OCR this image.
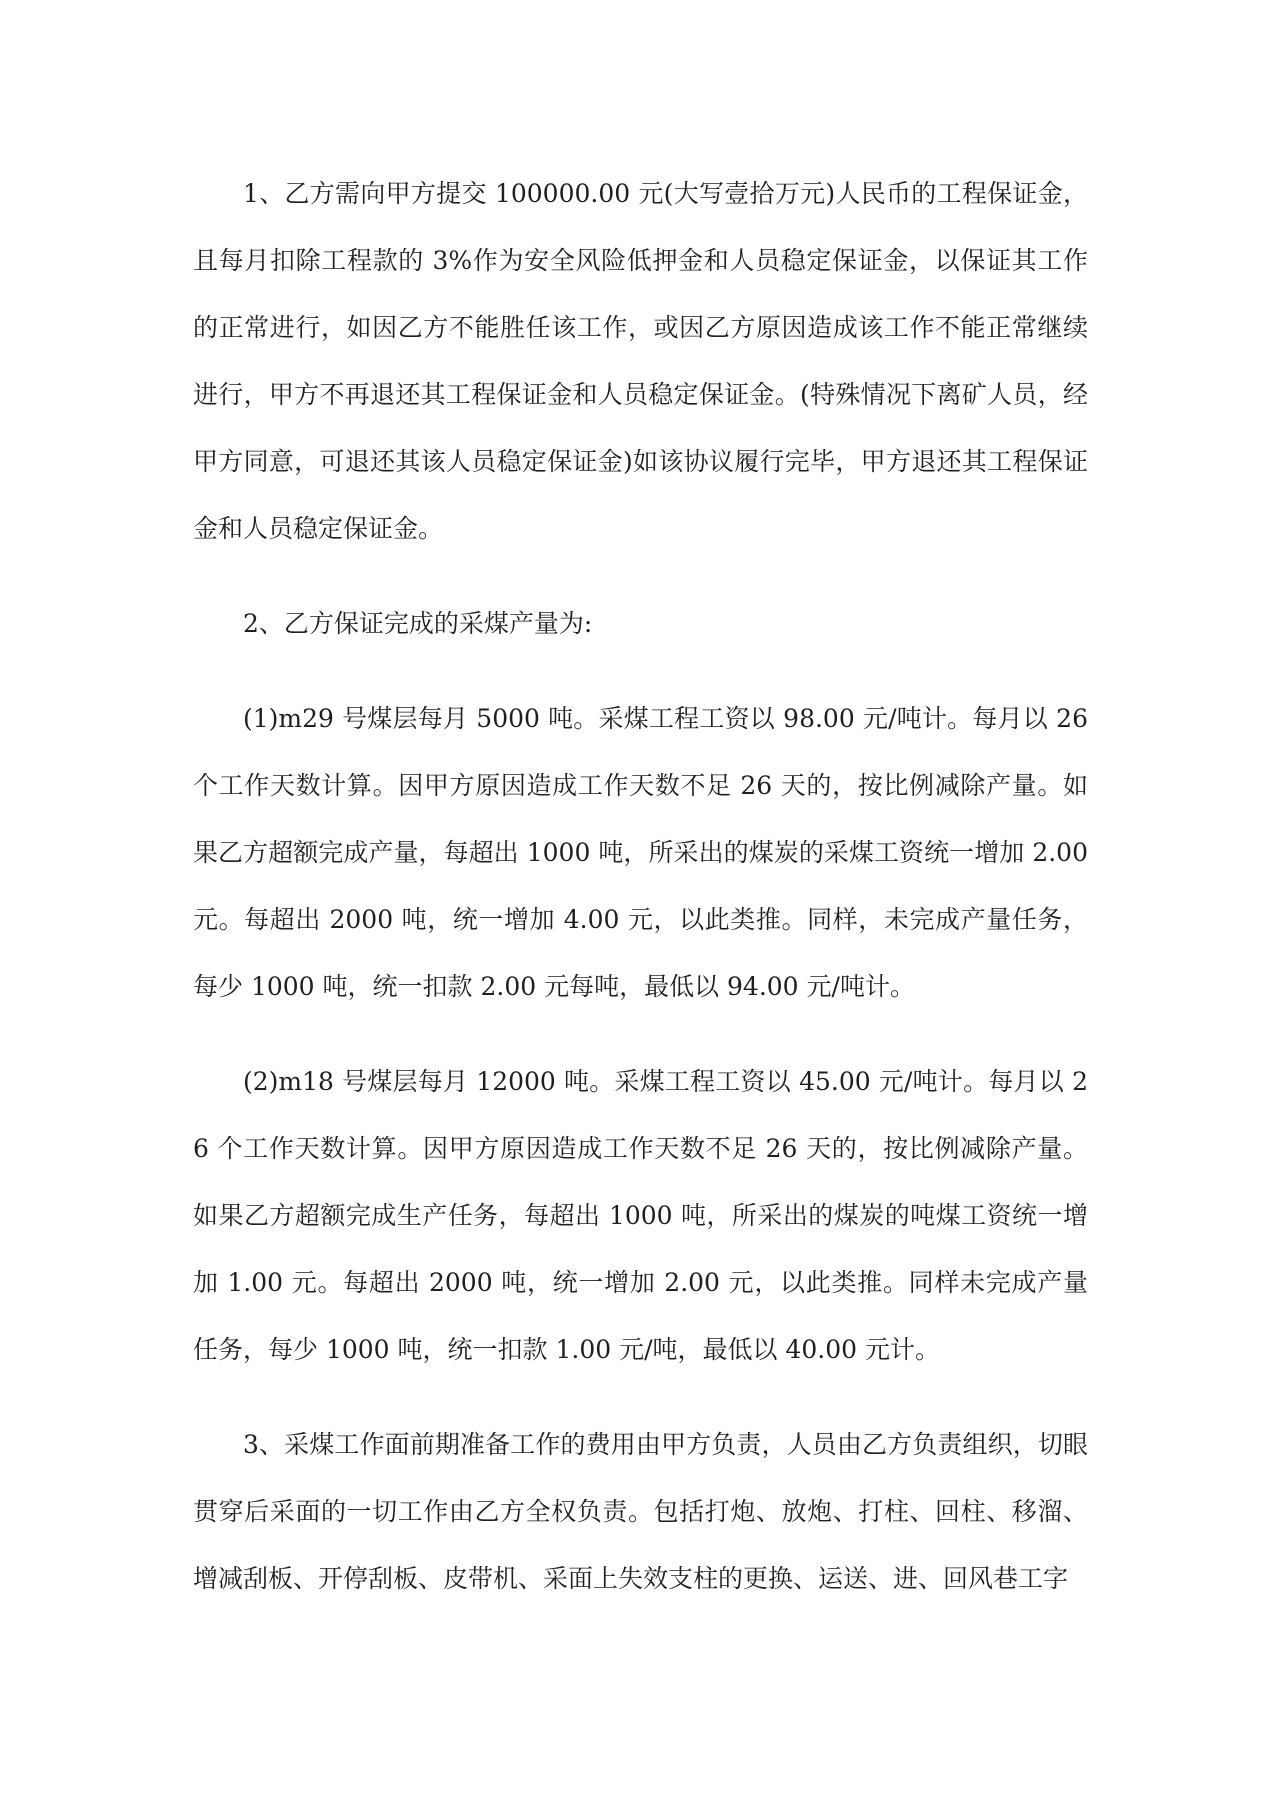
1、乙方需向甲方提交 100000.00 元(大写壹拾万元)人民币的工程保证金，且每月扣除工程款的 3%作为安全风险低押金和人员稳定保证金，以保证其工作的正常进行，如因乙方不能胜任该工作，或因乙方原因造成该工作不能正常继续进行，甲方不再退还其工程保证金和人员稳定保证金。(特殊情况下离矿人员，经甲方同意，可退还其该人员稳定保证金)如该协议履行完毕，甲方退还其工程保证金和人员稳定保证金。

2、乙方保证完成的采煤产量为:

(1)m29 号煤层每月 5000 吨。采煤工程工资以 98.00 元/吨计。每月以 26 个工作天数计算。因甲方原因造成工作天数不足 26 天的，按比例减除产量。如果乙方超额完成产量，每超出 1000 吨，所采出的煤炭的采煤工资统一增加 2.00 元。每超出 2000 吨，统一增加 4.00 元，以此类推。同样，未完成产量任务，每少 1000 吨，统一扣款 2.00 元每吨，最低以 94.00 元/吨计。

(2)m18 号煤层每月 12000 吨。采煤工程工资以 45.00 元/吨计。每月以 26 个工作天数计算。因甲方原因造成工作天数不足 26 天的，按比例减除产量。如果乙方超额完成生产任务，每超出 1000 吨，所采出的煤炭的吨煤工资统一增加 1.00 元。每超出 2000 吨，统一增加 2.00 元，以此类推。同样未完成产量任务，每少 1000 吨，统一扣款 1.00 元/吨，最低以 40.00 元计。

3、采煤工作面前期准备工作的费用由甲方负责，人员由乙方负责组织，切眼贯穿后采面的一切工作由乙方全权负责。包括打炮、放炮、打柱、回柱、移溜、增减刮板、开停刮板、皮带机、采面上失效支柱的更换、运送、进、回风巷工字
